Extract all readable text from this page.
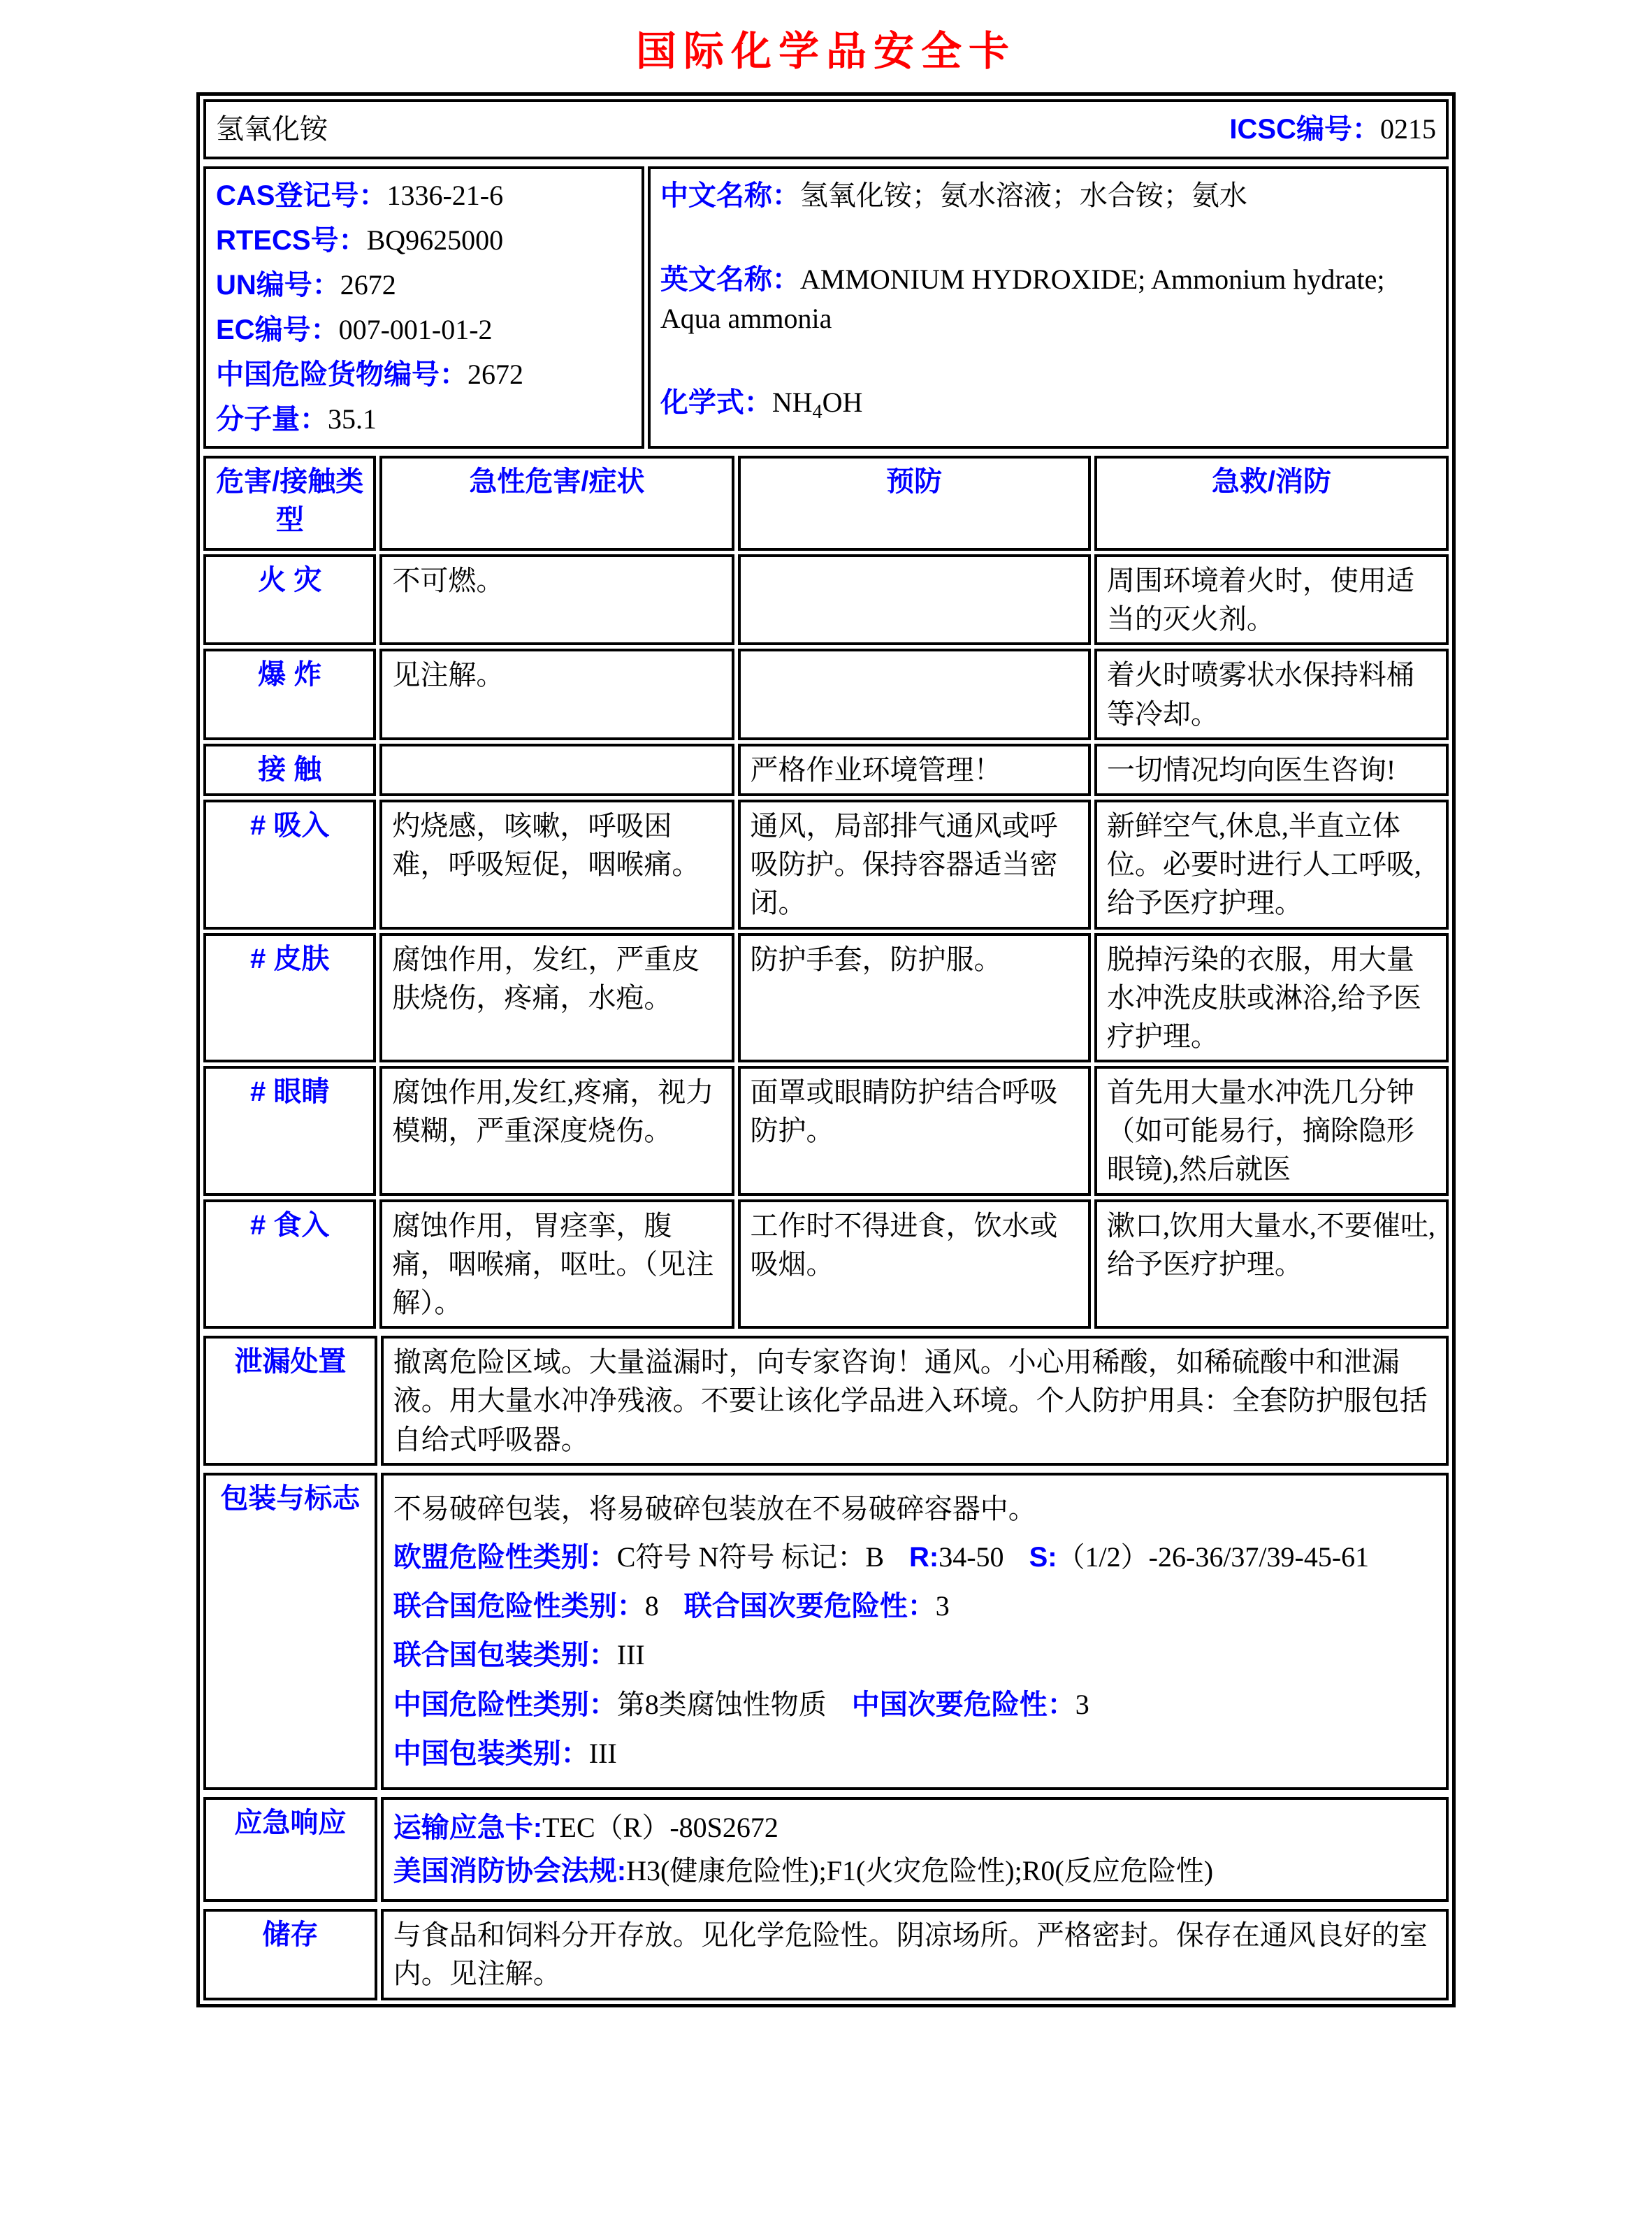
国际化学品安全卡
氢氧化铵	ICSC编号：0215
CAS登记号：1336-21-6
RTECS号：BQ9625000
UN编号：2672
EC编号：007-001-01-2
中国危险货物编号：2672
分子量：35.1

中文名称：氢氧化铵；氨水溶液；水合铵；氨水

英文名称：AMMONIUM HYDROXIDE; Ammonium hydrate; Aqua ammonia

化学式：$NH_4OH$

危害/接触类型	急性危害/症状	预防	急救/消防
火 灾	不可燃。		周围环境着火时，使用适当的灭火剂。
爆 炸	见注解。		着火时喷雾状水保持料桶等冷却。
接 触		严格作业环境管理！	一切情况均向医生咨询!
# 吸入	灼烧感，咳嗽，呼吸困难，呼吸短促，咽喉痛。	通风，局部排气通风或呼吸防护。保持容器适当密闭。	新鲜空气,休息,半直立体位。必要时进行人工呼吸,给予医疗护理。
# 皮肤	腐蚀作用，发红，严重皮肤烧伤，疼痛，水疱。	防护手套，防护服。	脱掉污染的衣服，用大量水冲洗皮肤或淋浴,给予医疗护理。
# 眼睛	腐蚀作用,发红,疼痛，视力模糊，严重深度烧伤。	面罩或眼睛防护结合呼吸防护。	首先用大量水冲洗几分钟（如可能易行，摘除隐形眼镜),然后就医
# 食入	腐蚀作用，胃痉挛，腹痛，咽喉痛，呕吐。（见注解）。	工作时不得进食，饮水或吸烟。	漱口,饮用大量水,不要催吐,给予医疗护理。
泄漏处置	撤离危险区域。大量溢漏时，向专家咨询！通风。小心用稀酸，如稀硫酸中和泄漏液。用大量水冲净残液。不要让该化学品进入环境。个人防护用具：全套防护服包括自给式呼吸器。
包装与标志	不易破碎包装，将易破碎包装放在不易破碎容器中。

欧盟危险性类别：C符号 N符号 标记：B R:34-50 S:（1/2）-26-36/37/39-45-61

联合国危险性类别：8 联合国次要危险性：3

联合国包装类别：III

中国危险性类别：第8类腐蚀性物质 中国次要危险性：3

中国包装类别：III

应急响应	运输应急卡:TEC（R）-80S2672

美国消防协会法规:H3(健康危险性);F1(火灾危险性);R0(反应危险性)

储存	与食品和饲料分开存放。见化学危险性。阴凉场所。严格密封。保存在通风良好的室内。见注解。
